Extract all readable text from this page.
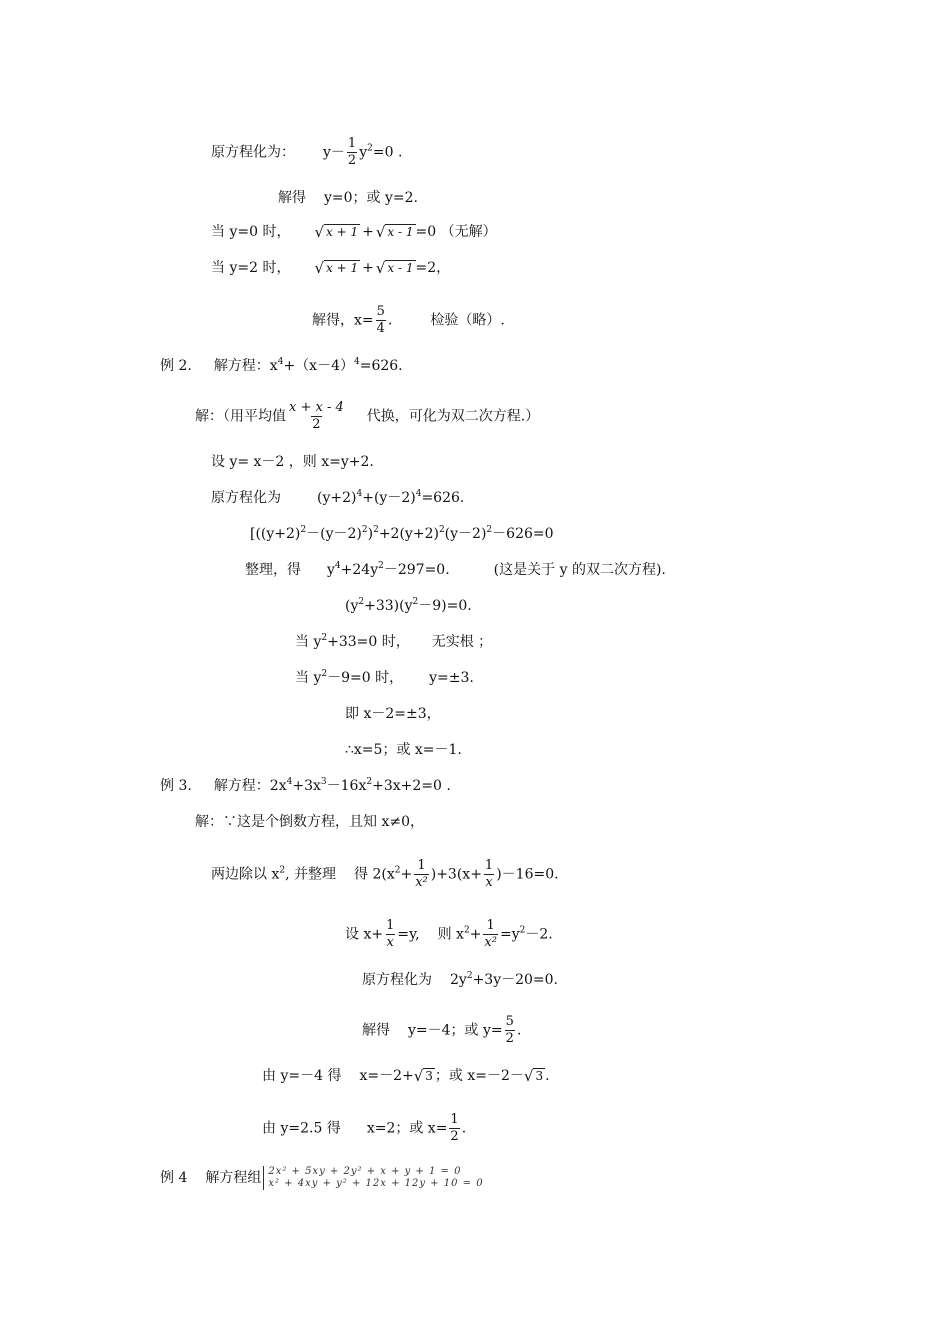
原方程化为： $y- \frac{1}{2} y^2=0$ .
解得 y=0；或 y=2.
当 y=0 时， √ x + 1 + √ x - 1 =0 （无解）
当 y=2 时， √ x + 1 + √ x - 1 =2，
解得，$x= \frac{5}{4}$ .	检验（略）.
例 2. 解方程：$x^4+(x-4)^4=626$.
解：（用平均值 $\frac{x + x - 4}{2}$ 代换，可化为双二次方程.）
设 y= x－2 ，则 x=y+2.
原方程化为	$(y+2)^4+(y-2)^4=626$.
[$((y+2)^2-(y-2)^2)^2+2(y+2)^2(y-2)^2-626=0$
整理，得 $y^4+24y^2-297=0$.	(这是关于 y 的双二次方程).
$(y^2+33)(y^2-9)=0$.
当 $y^2+33=0$ 时， 无实根 ；
当 $y^2-9=0$ 时， y=±3.
即 x－2=±3，
∴x=5；或 x=－1.
例 3. 解方程：$2x^4+3x^3-16x^2+3x+2=0$ .
解：∵这是个倒数方程，且知 x≠0，
两边除以 $x^2$, 并整理 得 $2(x^2+ \frac{1}{\text{x²}} )+3(x+ \frac{1}{x} )-16=0$.
设 $x+ \frac{1}{x} =y$, 则 $x^2+ \frac{1}{\text{x²}} =y^2-2$.
原方程化为 $2y^2+3y-20=0$.
解得 y=－4；或 $y= \frac{5}{2}$ .
由 y=－4 得 x=－2+ √ 3 ；或 x=－2－ √ 3 .
由 y=2.5 得 x=2；或 $x= \frac{1}{2}$ .
例 4 解方程组 2x² + 5xy + 2y² + x + y + 1 = 0
x² + 4xy + y² + 12x + 12y + 10 = 0
